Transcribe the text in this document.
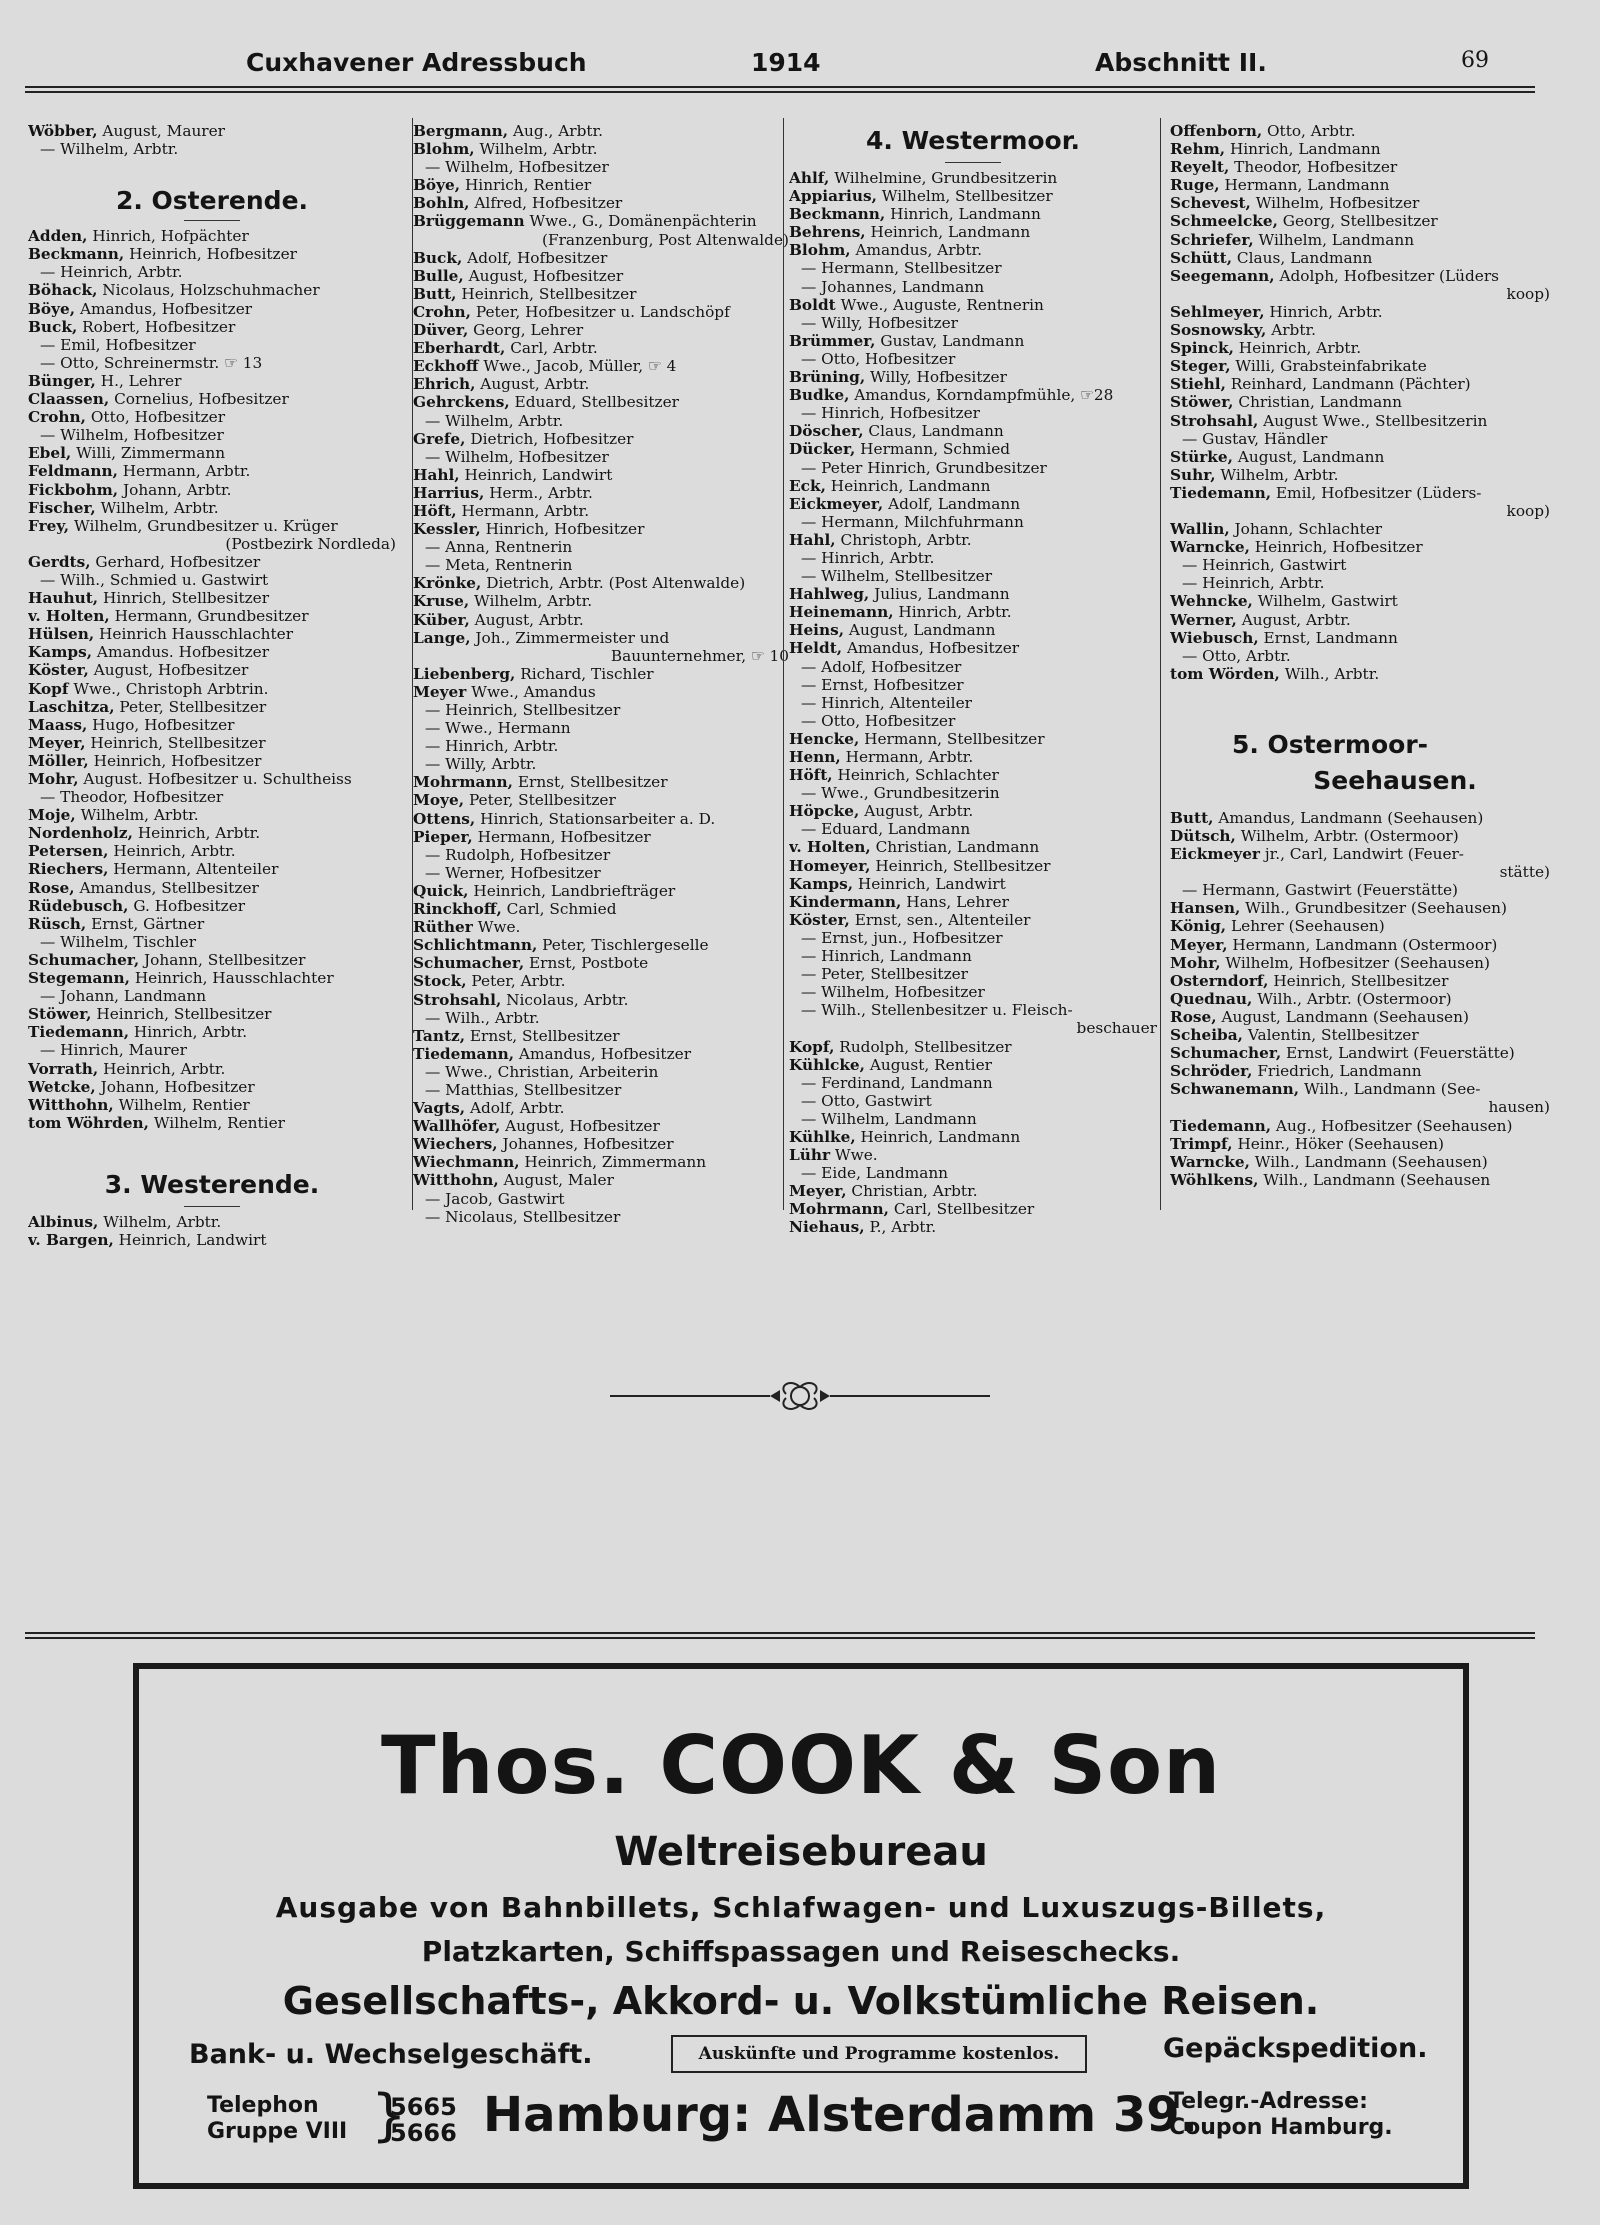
Cuxhavener Adressbuch	1914	Abschnitt II.	69
Wöbber, August, Maurer
— Wilhelm, Arbtr.
2. Osterende.
Adden, Hinrich, Hofpächter
Beckmann, Heinrich, Hofbesitzer
— Heinrich, Arbtr.
Böhack, Nicolaus, Holzschuhmacher
Böye, Amandus, Hofbesitzer
Buck, Robert, Hofbesitzer
— Emil, Hofbesitzer
— Otto, Schreinermstr. ☞ 13
Bünger, H., Lehrer
Claassen, Cornelius, Hofbesitzer
Crohn, Otto, Hofbesitzer
— Wilhelm, Hofbesitzer
Ebel, Willi, Zimmermann
Feldmann, Hermann, Arbtr.
Fickbohm, Johann, Arbtr.
Fischer, Wilhelm, Arbtr.
Frey, Wilhelm, Grundbesitzer u. Krüger
(Postbezirk Nordleda)
Gerdts, Gerhard, Hofbesitzer
— Wilh., Schmied u. Gastwirt
Hauhut, Hinrich, Stellbesitzer
v. Holten, Hermann, Grundbesitzer
Hülsen, Heinrich Hausschlachter
Kamps, Amandus. Hofbesitzer
Köster, August, Hofbesitzer
Kopf Wwe., Christoph Arbtrin.
Laschitza, Peter, Stellbesitzer
Maass, Hugo, Hofbesitzer
Meyer, Heinrich, Stellbesitzer
Möller, Heinrich, Hofbesitzer
Mohr, August. Hofbesitzer u. Schultheiss
— Theodor, Hofbesitzer
Moje, Wilhelm, Arbtr.
Nordenholz, Heinrich, Arbtr.
Petersen, Heinrich, Arbtr.
Riechers, Hermann, Altenteiler
Rose, Amandus, Stellbesitzer
Rüdebusch, G. Hofbesitzer
Rüsch, Ernst, Gärtner
— Wilhelm, Tischler
Schumacher, Johann, Stellbesitzer
Stegemann, Heinrich, Hausschlachter
— Johann, Landmann
Stöwer, Heinrich, Stellbesitzer
Tiedemann, Hinrich, Arbtr.
— Hinrich, Maurer
Vorrath, Heinrich, Arbtr.
Wetcke, Johann, Hofbesitzer
Witthohn, Wilhelm, Rentier
tom Wöhrden, Wilhelm, Rentier
3. Westerende.
Albinus, Wilhelm, Arbtr.
v. Bargen, Heinrich, Landwirt
Bergmann, Aug., Arbtr.
Blohm, Wilhelm, Arbtr.
— Wilhelm, Hofbesitzer
Böye, Hinrich, Rentier
Bohln, Alfred, Hofbesitzer
Brüggemann Wwe., G., Domänenpächterin
(Franzenburg, Post Altenwalde)
Buck, Adolf, Hofbesitzer
Bulle, August, Hofbesitzer
Butt, Heinrich, Stellbesitzer
Crohn, Peter, Hofbesitzer u. Landschöpf
Düver, Georg, Lehrer
Eberhardt, Carl, Arbtr.
Eckhoff Wwe., Jacob, Müller, ☞ 4
Ehrich, August, Arbtr.
Gehrckens, Eduard, Stellbesitzer
— Wilhelm, Arbtr.
Grefe, Dietrich, Hofbesitzer
— Wilhelm, Hofbesitzer
Hahl, Heinrich, Landwirt
Harrius, Herm., Arbtr.
Höft, Hermann, Arbtr.
Kessler, Hinrich, Hofbesitzer
— Anna, Rentnerin
— Meta, Rentnerin
Krönke, Dietrich, Arbtr. (Post Altenwalde)
Kruse, Wilhelm, Arbtr.
Küber, August, Arbtr.
Lange, Joh., Zimmermeister und
Bauunternehmer, ☞ 10
Liebenberg, Richard, Tischler
Meyer Wwe., Amandus
— Heinrich, Stellbesitzer
— Wwe., Hermann
— Hinrich, Arbtr.
— Willy, Arbtr.
Mohrmann, Ernst, Stellbesitzer
Moye, Peter, Stellbesitzer
Ottens, Hinrich, Stationsarbeiter a. D.
Pieper, Hermann, Hofbesitzer
— Rudolph, Hofbesitzer
— Werner, Hofbesitzer
Quick, Heinrich, Landbriefträger
Rinckhoff, Carl, Schmied
Rüther Wwe.
Schlichtmann, Peter, Tischlergeselle
Schumacher, Ernst, Postbote
Stock, Peter, Arbtr.
Strohsahl, Nicolaus, Arbtr.
— Wilh., Arbtr.
Tantz, Ernst, Stellbesitzer
Tiedemann, Amandus, Hofbesitzer
— Wwe., Christian, Arbeiterin
— Matthias, Stellbesitzer
Vagts, Adolf, Arbtr.
Wallhöfer, August, Hofbesitzer
Wiechers, Johannes, Hofbesitzer
Wiechmann, Heinrich, Zimmermann
Witthohn, August, Maler
— Jacob, Gastwirt
— Nicolaus, Stellbesitzer
4. Westermoor.
Ahlf, Wilhelmine, Grundbesitzerin
Appiarius, Wilhelm, Stellbesitzer
Beckmann, Hinrich, Landmann
Behrens, Heinrich, Landmann
Blohm, Amandus, Arbtr.
— Hermann, Stellbesitzer
— Johannes, Landmann
Boldt Wwe., Auguste, Rentnerin
— Willy, Hofbesitzer
Brümmer, Gustav, Landmann
— Otto, Hofbesitzer
Brüning, Willy, Hofbesitzer
Budke, Amandus, Korndampfmühle, ☞28
— Hinrich, Hofbesitzer
Döscher, Claus, Landmann
Dücker, Hermann, Schmied
— Peter Hinrich, Grundbesitzer
Eck, Heinrich, Landmann
Eickmeyer, Adolf, Landmann
— Hermann, Milchfuhrmann
Hahl, Christoph, Arbtr.
— Hinrich, Arbtr.
— Wilhelm, Stellbesitzer
Hahlweg, Julius, Landmann
Heinemann, Hinrich, Arbtr.
Heins, August, Landmann
Heldt, Amandus, Hofbesitzer
— Adolf, Hofbesitzer
— Ernst, Hofbesitzer
— Hinrich, Altenteiler
— Otto, Hofbesitzer
Hencke, Hermann, Stellbesitzer
Henn, Hermann, Arbtr.
Höft, Heinrich, Schlachter
— Wwe., Grundbesitzerin
Höpcke, August, Arbtr.
— Eduard, Landmann
v. Holten, Christian, Landmann
Homeyer, Heinrich, Stellbesitzer
Kamps, Heinrich, Landwirt
Kindermann, Hans, Lehrer
Köster, Ernst, sen., Altenteiler
— Ernst, jun., Hofbesitzer
— Hinrich, Landmann
— Peter, Stellbesitzer
— Wilhelm, Hofbesitzer
— Wilh., Stellenbesitzer u. Fleisch-
beschauer
Kopf, Rudolph, Stellbesitzer
Kühlcke, August, Rentier
— Ferdinand, Landmann
— Otto, Gastwirt
— Wilhelm, Landmann
Kühlke, Heinrich, Landmann
Lühr Wwe.
— Eide, Landmann
Meyer, Christian, Arbtr.
Mohrmann, Carl, Stellbesitzer
Niehaus, P., Arbtr.
Offenborn, Otto, Arbtr.
Rehm, Hinrich, Landmann
Reyelt, Theodor, Hofbesitzer
Ruge, Hermann, Landmann
Schevest, Wilhelm, Hofbesitzer
Schmeelcke, Georg, Stellbesitzer
Schriefer, Wilhelm, Landmann
Schütt, Claus, Landmann
Seegemann, Adolph, Hofbesitzer (Lüders
koop)
Sehlmeyer, Hinrich, Arbtr.
Sosnowsky, Arbtr.
Spinck, Heinrich, Arbtr.
Steger, Willi, Grabsteinfabrikate
Stiehl, Reinhard, Landmann (Pächter)
Stöwer, Christian, Landmann
Strohsahl, August Wwe., Stellbesitzerin
— Gustav, Händler
Stürke, August, Landmann
Suhr, Wilhelm, Arbtr.
Tiedemann, Emil, Hofbesitzer (Lüders-
koop)
Wallin, Johann, Schlachter
Warncke, Heinrich, Hofbesitzer
— Heinrich, Gastwirt
— Heinrich, Arbtr.
Wehncke, Wilhelm, Gastwirt
Werner, August, Arbtr.
Wiebusch, Ernst, Landmann
— Otto, Arbtr.
tom Wörden, Wilh., Arbtr.
5. Ostermoor-
Seehausen.
Butt, Amandus, Landmann (Seehausen)
Dütsch, Wilhelm, Arbtr. (Ostermoor)
Eickmeyer jr., Carl, Landwirt (Feuer-
stätte)
— Hermann, Gastwirt (Feuerstätte)
Hansen, Wilh., Grundbesitzer (Seehausen)
König, Lehrer (Seehausen)
Meyer, Hermann, Landmann (Ostermoor)
Mohr, Wilhelm, Hofbesitzer (Seehausen)
Osterndorf, Heinrich, Stellbesitzer
Quednau, Wilh., Arbtr. (Ostermoor)
Rose, August, Landmann (Seehausen)
Scheiba, Valentin, Stellbesitzer
Schumacher, Ernst, Landwirt (Feuerstätte)
Schröder, Friedrich, Landmann
Schwanemann, Wilh., Landmann (See-
hausen)
Tiedemann, Aug., Hofbesitzer (Seehausen)
Trimpf, Heinr., Höker (Seehausen)
Warncke, Wilh., Landmann (Seehausen)
Wöhlkens, Wilh., Landmann (Seehausen
Thos. COOK & Son
Weltreisebureau
Ausgabe von Bahnbillets, Schlafwagen- und Luxuszugs-Billets,
Platzkarten, Schiffspassagen und Reiseschecks.
Gesellschafts-, Akkord- u. Volkstümliche Reisen.
Bank- u. Wechselgeschäft.	Auskünfte und Programme kostenlos.	Gepäckspedition.
Telephon
Gruppe VIII }
5665
5666 Hamburg: Alsterdamm 39.
Telegr.-Adresse:
Coupon Hamburg.
